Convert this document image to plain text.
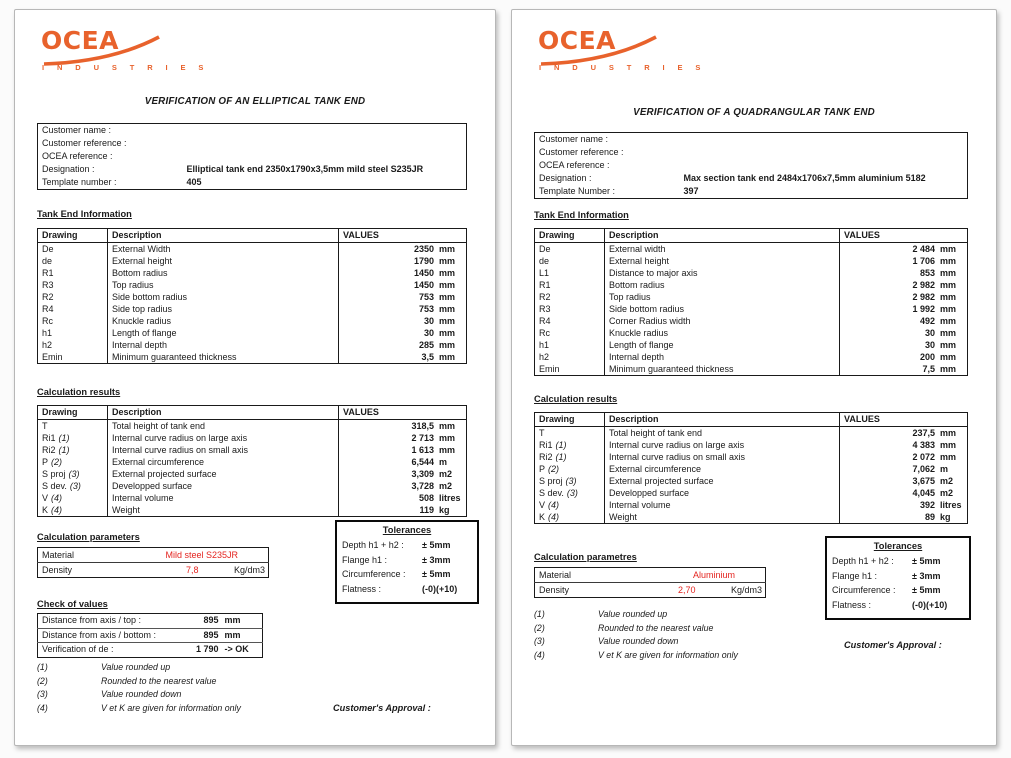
OCEA
I N D U S T R I E S
VERIFICATION OF AN ELLIPTICAL TANK END
Customer name :	
Customer reference :	
OCEA reference :	
Designation :	Elliptical tank end 2350x1790x3,5mm mild steel S235JR
Template number :	405
Tank End Information
Drawing	Description	VALUES
De	External Width	2350 mm

de	External height	1790 mm

R1	Bottom radius	1450 mm

R3	Top radius	1450 mm

R2	Side bottom radius	753 mm

R4	Side top radius	753 mm

Rc	Knuckle radius	30 mm

h1	Length of flange	30 mm

h2	Internal depth	285 mm

Emin	Minimum guaranteed thickness	3,5 mm
Calculation results
Drawing	Description	VALUES
T	Total height of tank end	318,5 mm

Ri1 (1)	Internal curve radius on large axis	2 713 mm

Ri2 (1)	Internal curve radius on small axis	1 613 mm

P (2)	External circumference	6,544 m

S proj (3)	External projected surface	3,309 m2

S dev. (3)	Developped surface	3,728 m2

V (4)	Internal volume	508 litres

K (4)	Weight	119 kg
Calculation parameters
Material	Mild steel S235JR	
Density	7,8	Kg/dm3
Check of values
Distance from axis / top :	895	mm
Distance from axis / bottom :	895	mm
Verification of de :	1 790	-> OK
Tolerances
Depth h1 + h2 :	± 5mm
Flange h1 :	± 3mm
Circumference :	± 5mm
Flatness :	(-0)(+10)
(1)	Value rounded up
(2)	Rounded to the nearest value
(3)	Value rounded down
(4)	V et K are given for information only	Customer's Approval :
OCEA
I N D U S T R I E S
VERIFICATION OF A QUADRANGULAR TANK END
Customer name :	
Customer reference :	
OCEA reference :	
Designation :	Max section tank end 2484x1706x7,5mm aluminium 5182
Template Number :	397
Tank End Information
Drawing	Description	VALUES
De	External width	2 484 mm

de	External height	1 706 mm

L1	Distance to major axis	853 mm

R1	Bottom radius	2 982 mm

R2	Top radius	2 982 mm

R3	Side bottom radius	1 992 mm

R4	Corner Radius width	492 mm

Rc	Knuckle radius	30 mm

h1	Length of flange	30 mm

h2	Internal depth	200 mm

Emin	Minimum guaranteed thickness	7,5 mm
Calculation results
Drawing	Description	VALUES
T	Total height of tank end	237,5 mm

Ri1 (1)	Internal curve radius on large axis	4 383 mm

Ri2 (1)	Internal curve radius on small axis	2 072 mm

P (2)	External circumference	7,062 m

S proj (3)	External projected surface	3,675 m2

S dev. (3)	Developped surface	4,045 m2

V (4)	Internal volume	392 litres

K (4)	Weight	89 kg
Calculation parametres
Material	Aluminium	
Density	2,70	Kg/dm3
Tolerances
Depth h1 + h2 :	± 5mm
Flange h1 :	± 3mm
Circumference :	± 5mm
Flatness :	(-0)(+10)
(1)	Value rounded up
(2)	Rounded to the nearest value
(3)	Value rounded down
(4)	V et K are given for information only
Customer's Approval :
